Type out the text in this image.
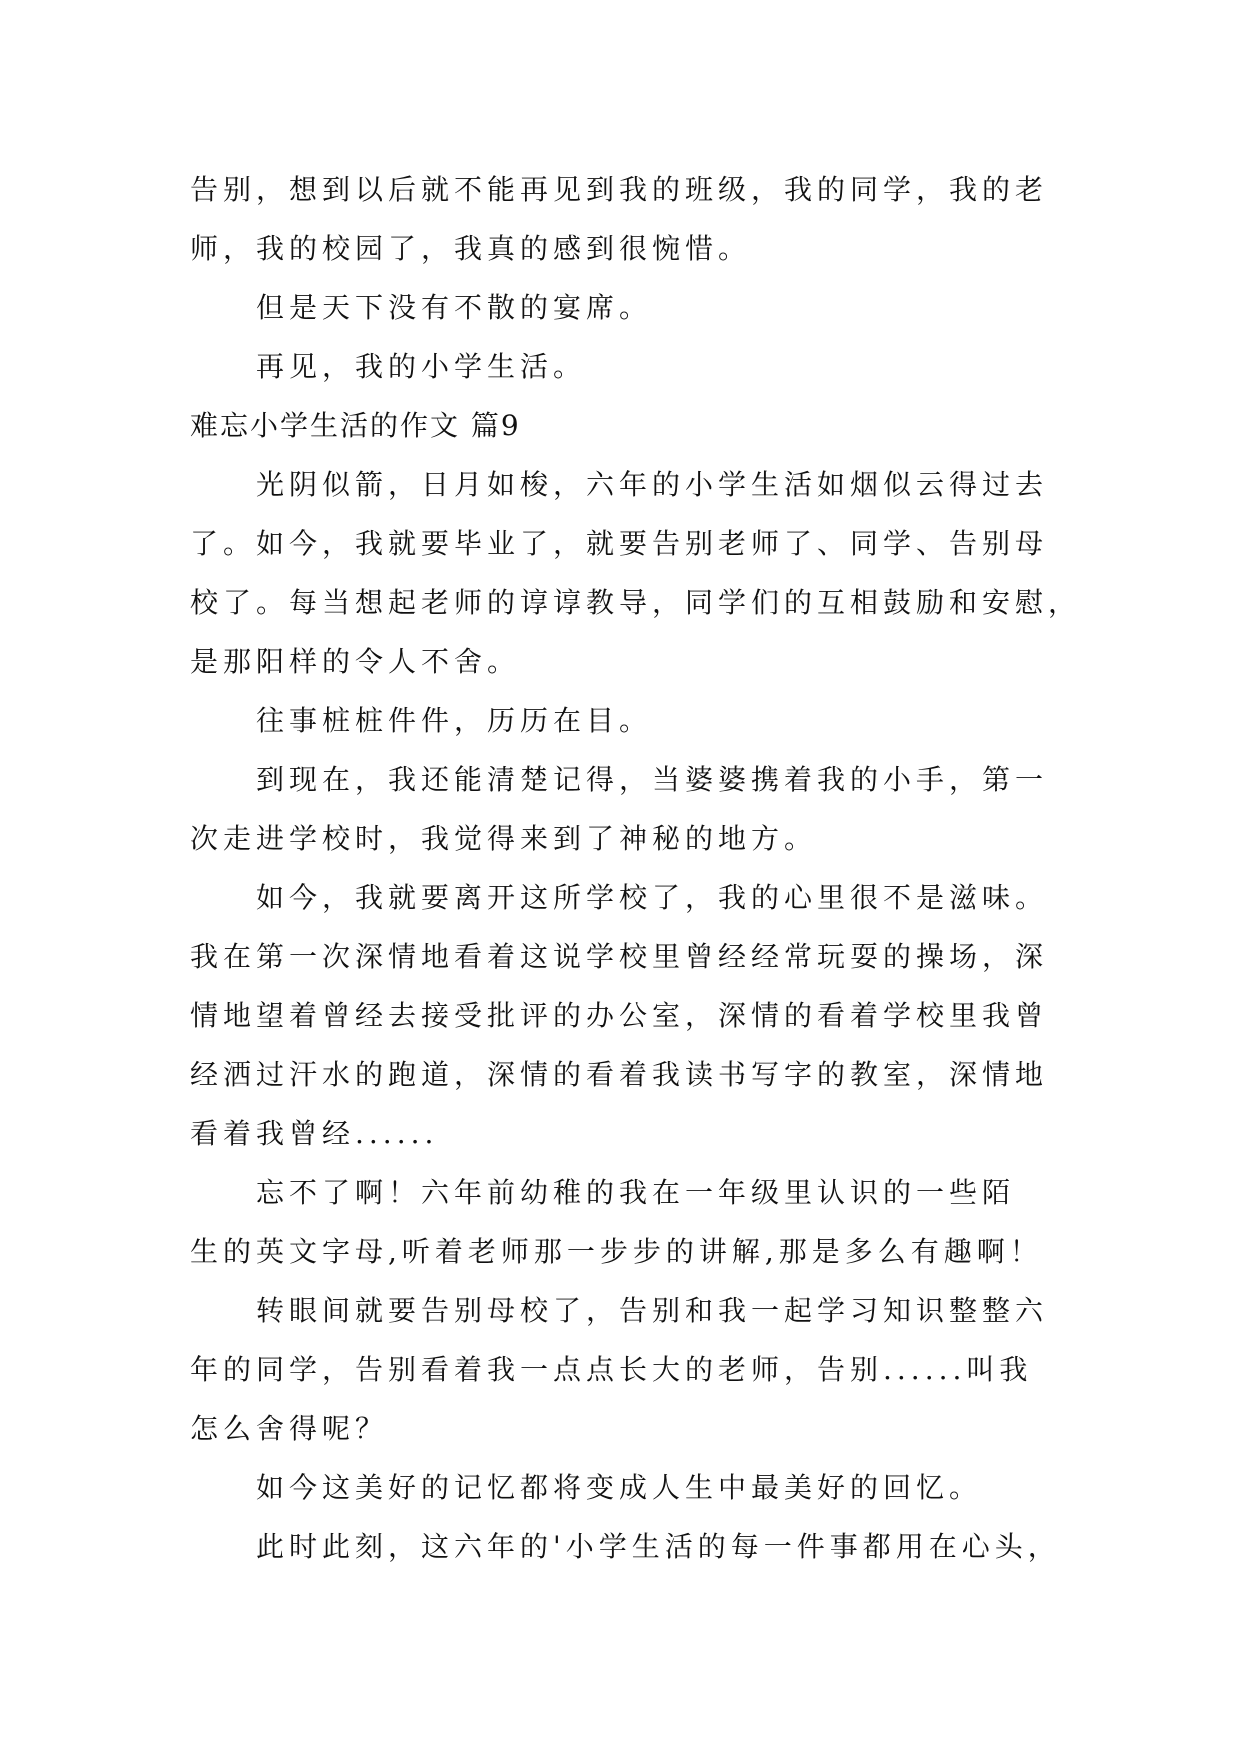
告别，想到以后就不能再见到我的班级，我的同学，我的老
师，我的校园了，我真的感到很惋惜。
但是天下没有不散的宴席。
再见，我的小学生活。
难忘小学生活的作文 篇9
光阴似箭，日月如梭，六年的小学生活如烟似云得过去
了。如今，我就要毕业了，就要告别老师了、同学、告别母
校了。每当想起老师的谆谆教导，同学们的互相鼓励和安慰，
是那阳样的令人不舍。
往事桩桩件件，历历在目。
到现在，我还能清楚记得，当婆婆携着我的小手，第一
次走进学校时，我觉得来到了神秘的地方。
如今，我就要离开这所学校了，我的心里很不是滋味。
我在第一次深情地看着这说学校里曾经经常玩耍的操场，深
情地望着曾经去接受批评的办公室，深情的看着学校里我曾
经洒过汗水的跑道，深情的看着我读书写字的教室，深情地
看着我曾经......
忘不了啊！六年前幼稚的我在一年级里认识的一些陌
生的英文字母,听着老师那一步步的讲解,那是多么有趣啊！
转眼间就要告别母校了，告别和我一起学习知识整整六
年的同学，告别看着我一点点长大的老师，告别......叫我
怎么舍得呢？
如今这美好的记忆都将变成人生中最美好的回忆。
此时此刻，这六年的'小学生活的每一件事都用在心头，
